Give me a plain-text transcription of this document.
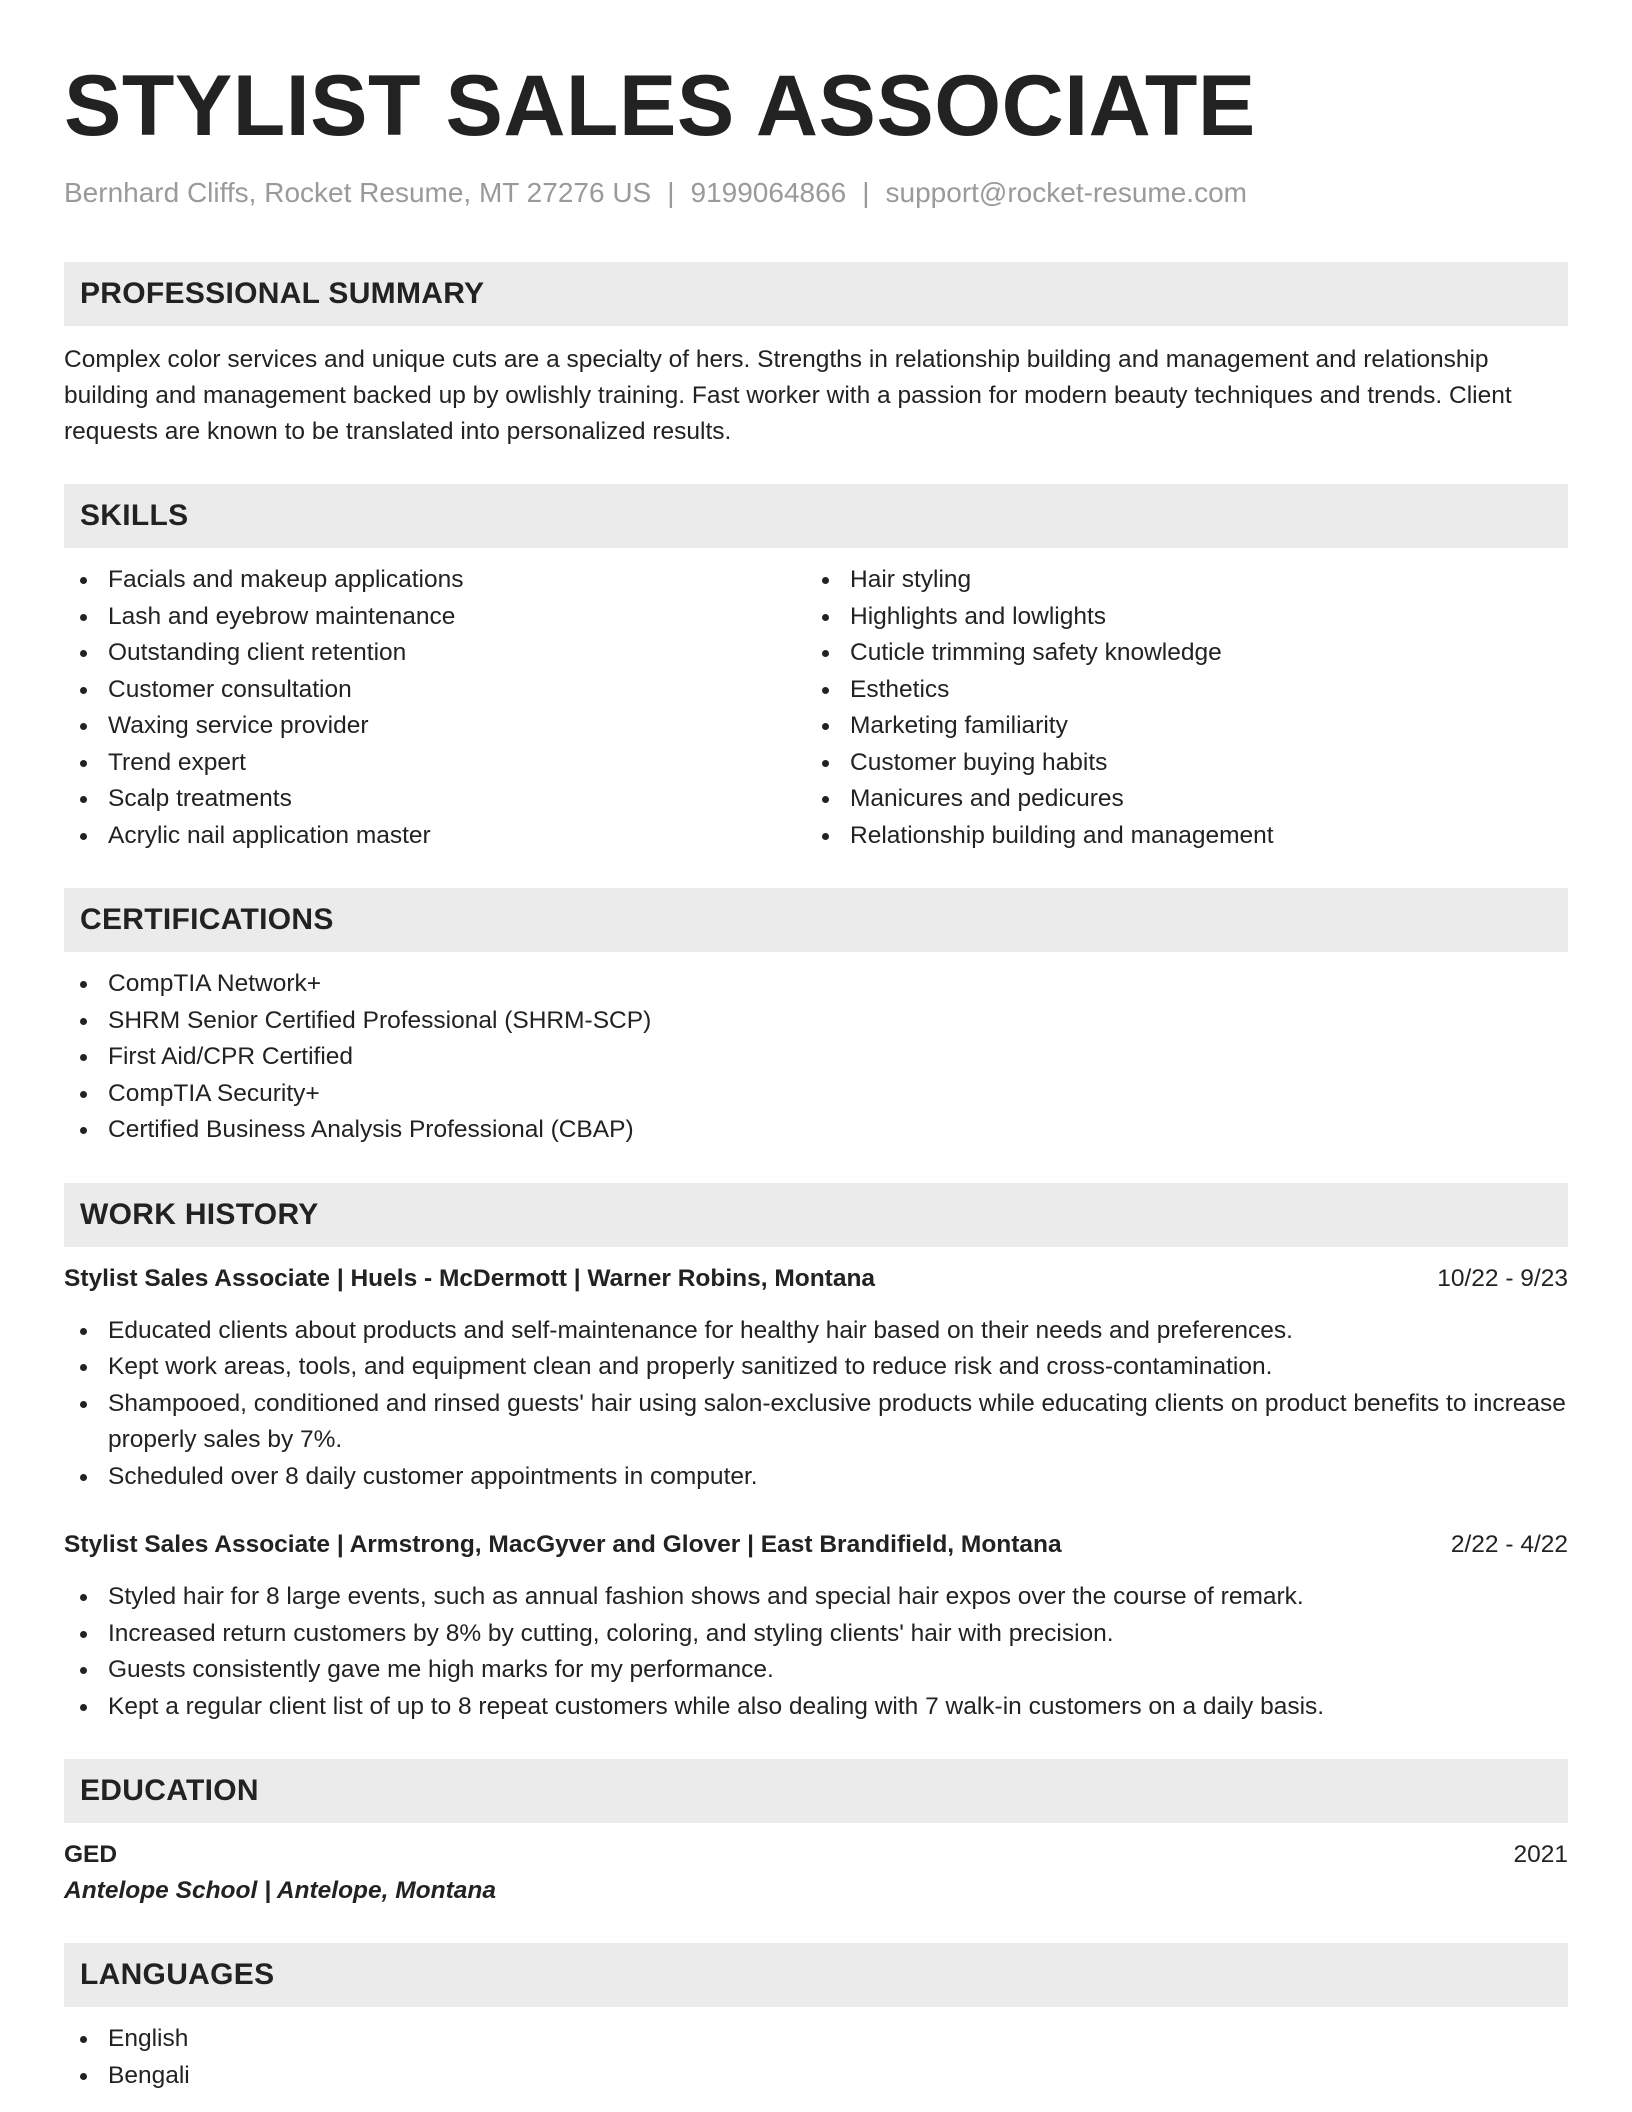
STYLIST SALES ASSOCIATE
Bernhard Cliffs, Rocket Resume, MT 27276 US | 9199064866 | support@rocket-resume.com
PROFESSIONAL SUMMARY
Complex color services and unique cuts are a specialty of hers. Strengths in relationship building and management and relationship building and management backed up by owlishly training. Fast worker with a passion for modern beauty techniques and trends. Client requests are known to be translated into personalized results.
SKILLS
Facials and makeup applications
Lash and eyebrow maintenance
Outstanding client retention
Customer consultation
Waxing service provider
Trend expert
Scalp treatments
Acrylic nail application master
Hair styling
Highlights and lowlights
Cuticle trimming safety knowledge
Esthetics
Marketing familiarity
Customer buying habits
Manicures and pedicures
Relationship building and management
CERTIFICATIONS
CompTIA Network+
SHRM Senior Certified Professional (SHRM-SCP)
First Aid/CPR Certified
CompTIA Security+
Certified Business Analysis Professional (CBAP)
WORK HISTORY
Stylist Sales Associate | Huels - McDermott | Warner Robins, Montana	10/22 - 9/23
Educated clients about products and self-maintenance for healthy hair based on their needs and preferences.
Kept work areas, tools, and equipment clean and properly sanitized to reduce risk and cross-contamination.
Shampooed, conditioned and rinsed guests' hair using salon-exclusive products while educating clients on product benefits to increase properly sales by 7%.
Scheduled over 8 daily customer appointments in computer.
Stylist Sales Associate | Armstrong, MacGyver and Glover | East Brandifield, Montana	2/22 - 4/22
Styled hair for 8 large events, such as annual fashion shows and special hair expos over the course of remark.
Increased return customers by 8% by cutting, coloring, and styling clients' hair with precision.
Guests consistently gave me high marks for my performance.
Kept a regular client list of up to 8 repeat customers while also dealing with 7 walk-in customers on a daily basis.
EDUCATION
GED	2021
Antelope School | Antelope, Montana
LANGUAGES
English
Bengali
